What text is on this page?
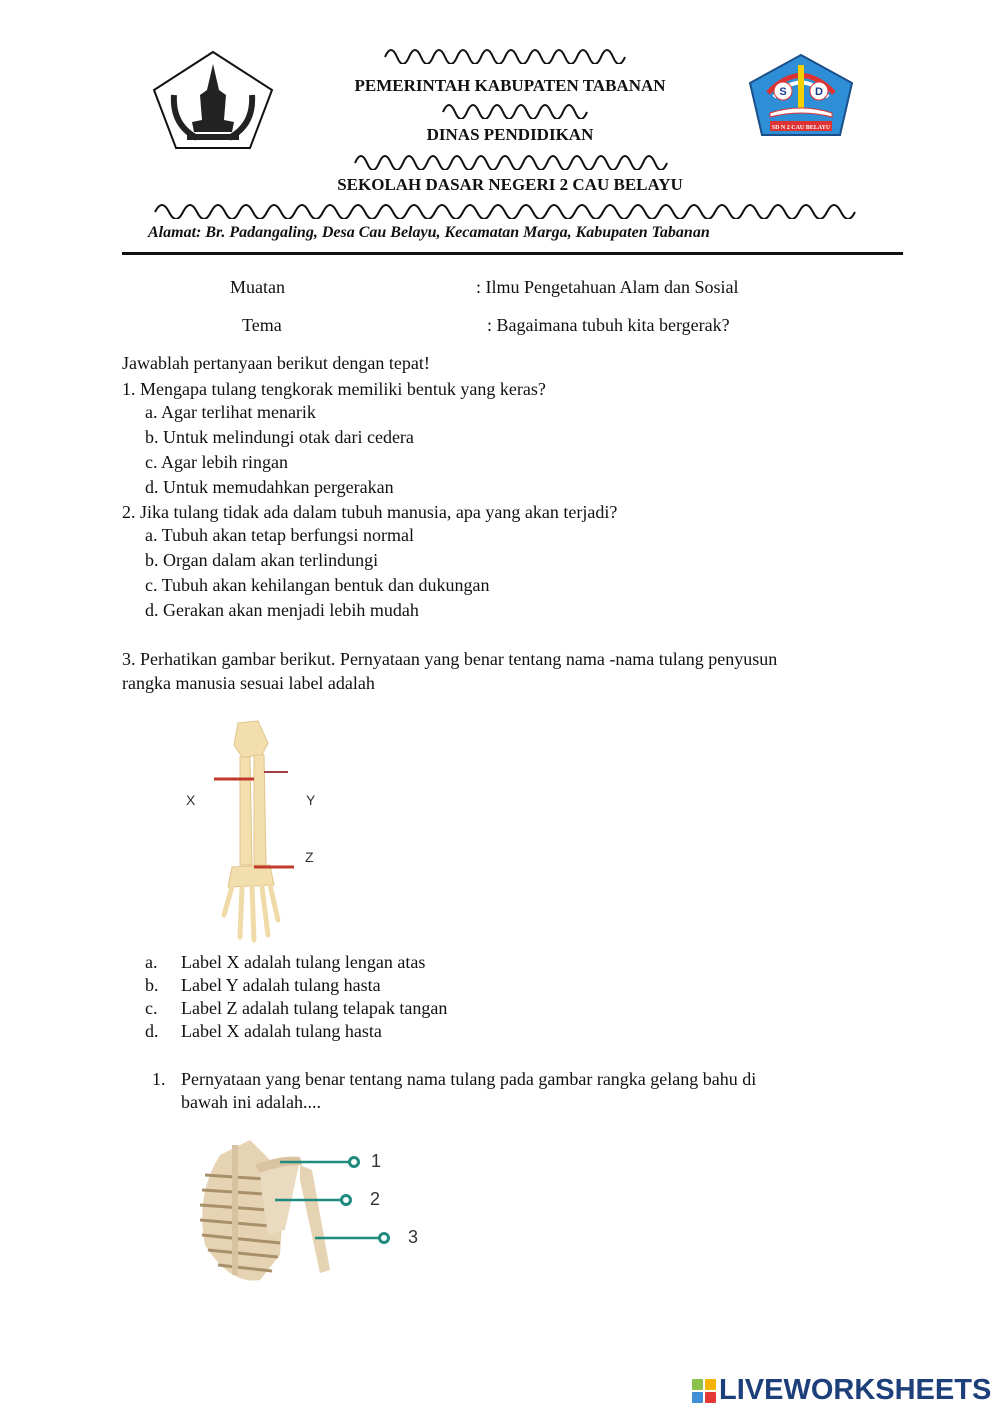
S	D
SD N 2 CAU BELAYU
PEMERINTAH KABUPATEN TABANAN
DINAS PENDIDIKAN
SEKOLAH DASAR NEGERI 2 CAU BELAYU
Alamat: Br. Padangaling, Desa Cau Belayu, Kecamatan Marga, Kabupaten Tabanan
Muatan	: Ilmu Pengetahuan Alam dan Sosial
Tema	: Bagaimana tubuh kita bergerak?
Jawablah pertanyaan berikut dengan tepat!
1. Mengapa tulang tengkorak memiliki bentuk yang keras?
a. Agar terlihat menarik
b. Untuk melindungi otak dari cedera
c. Agar lebih ringan
d. Untuk memudahkan pergerakan
2. Jika tulang tidak ada dalam tubuh manusia, apa yang akan terjadi?
a. Tubuh akan tetap berfungsi normal
b. Organ dalam akan terlindungi
c. Tubuh akan kehilangan bentuk dan dukungan
d. Gerakan akan menjadi lebih mudah
3. Perhatikan gambar berikut. Pernyataan yang benar tentang nama -nama tulang penyusun
rangka manusia sesuai label adalah
X	Y
Z
a. Label X adalah tulang lengan atas
b. Label Y adalah tulang hasta
c. Label Z adalah tulang telapak tangan
d. Label X adalah tulang hasta
1. Pernyataan yang benar tentang nama tulang pada gambar rangka gelang bahu di
bawah ini adalah....
1
2
3
LIVEWORKSHEETS
